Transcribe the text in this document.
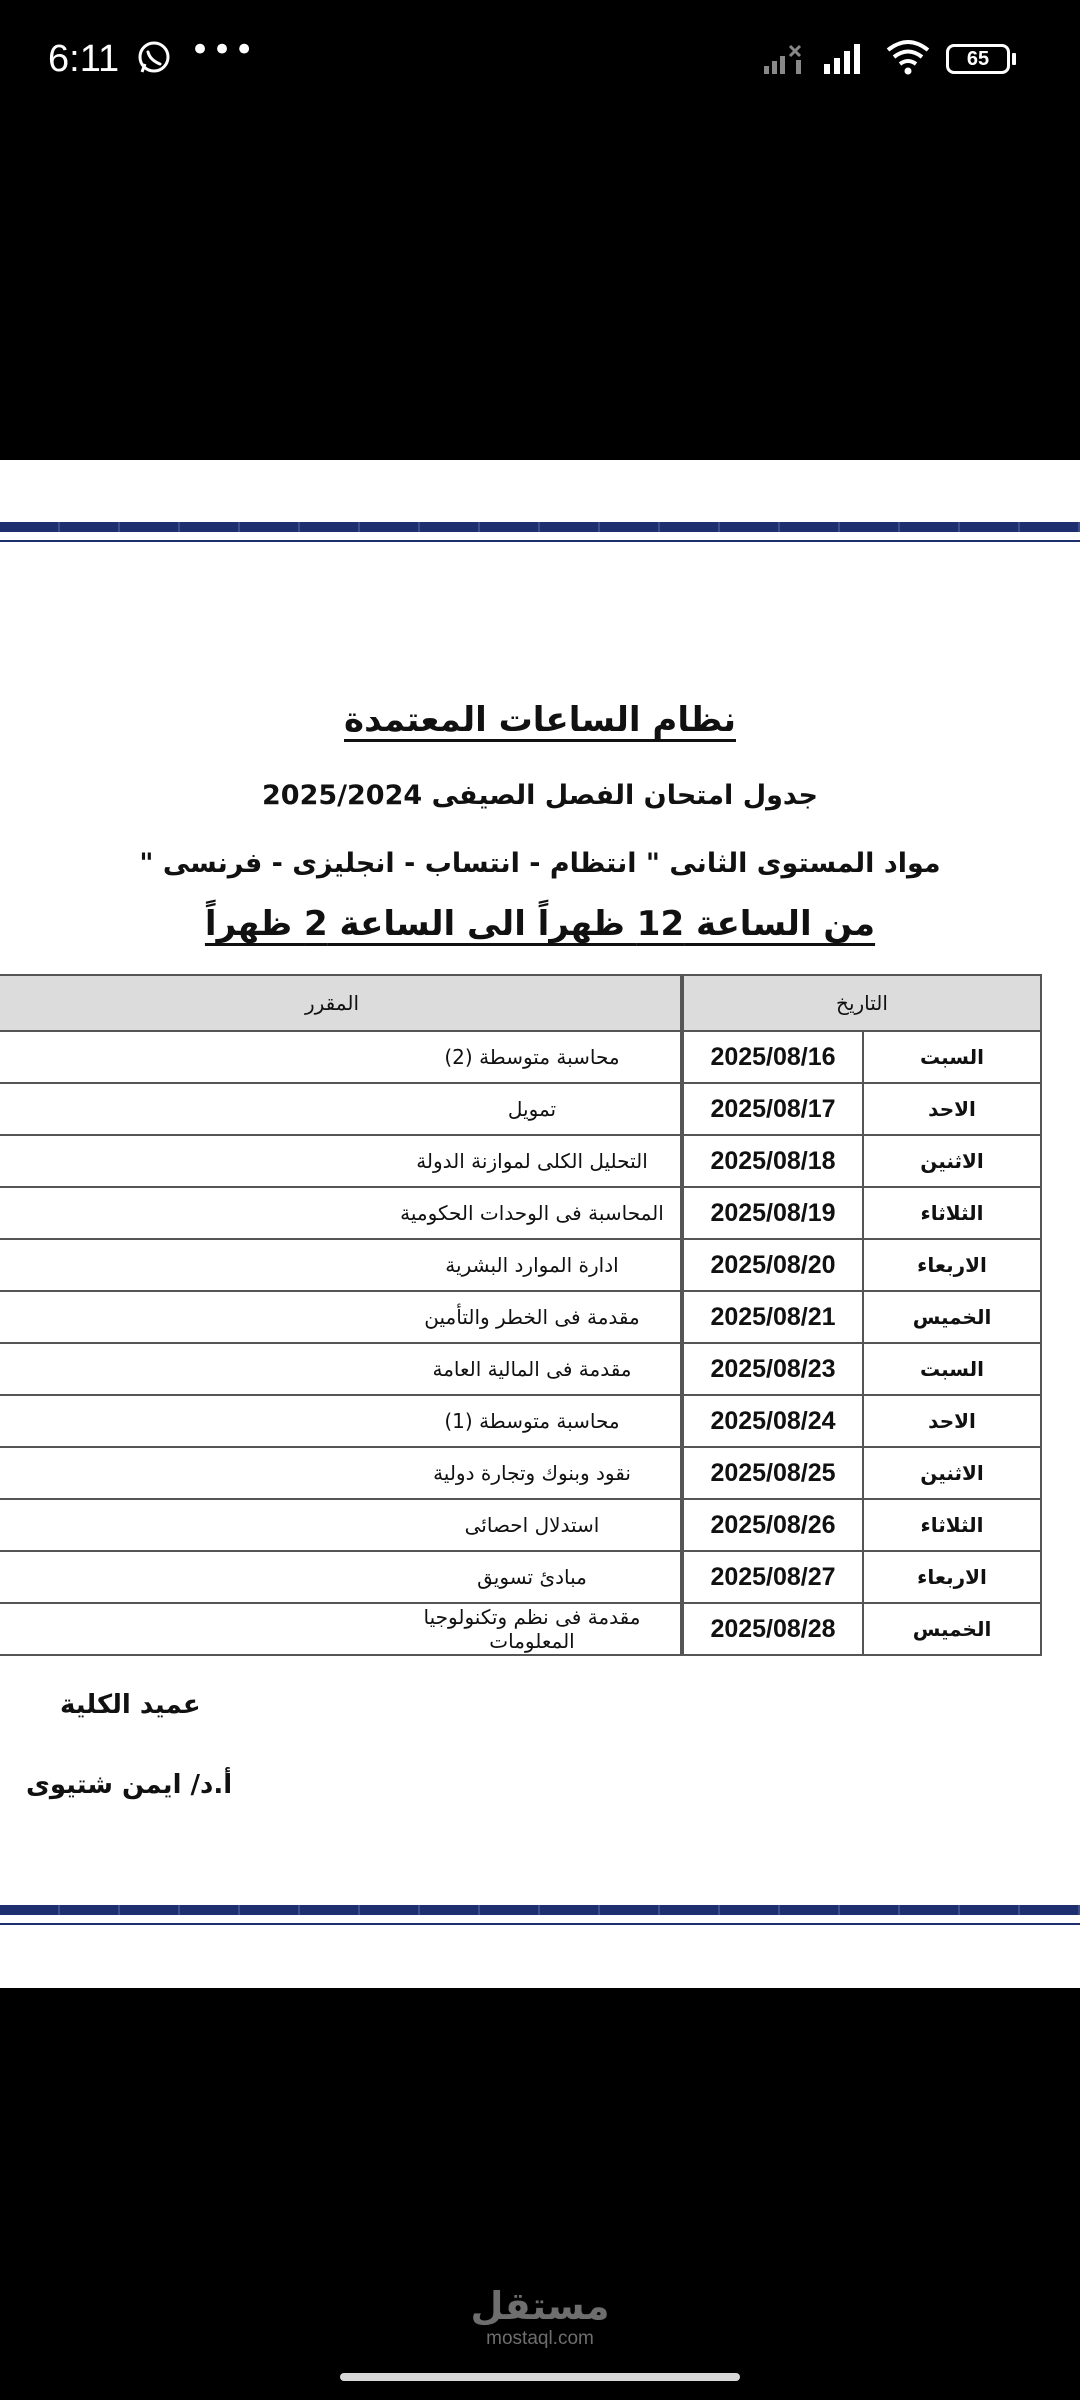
6:11 •••	65
نظام الساعات المعتمدة
جدول امتحان الفصل الصيفى 2025/2024
مواد المستوى الثانى " انتظام - انتساب - انجليزى - فرنسى "
من الساعة 12 ظهراً الى الساعة 2 ظهراً
التاريخ		المقرر
السبت	2025/08/16	محاسبة متوسطة (2)
الاحد	2025/08/17	تمويل
الاثنين	2025/08/18	التحليل الكلى لموازنة الدولة
الثلاثاء	2025/08/19	المحاسبة فى الوحدات الحكومية
الاربعاء	2025/08/20	ادارة الموارد البشرية
الخميس	2025/08/21	مقدمة فى الخطر والتأمين
السبت	2025/08/23	مقدمة فى المالية العامة
الاحد	2025/08/24	محاسبة متوسطة (1)
الاثنين	2025/08/25	نقود وبنوك وتجارة دولية
الثلاثاء	2025/08/26	استدلال احصائى
الاربعاء	2025/08/27	مبادئ تسويق
الخميس	2025/08/28	مقدمة فى نظم وتكنولوجيا المعلومات
عميد الكلية
أ.د/ ايمن شتيوى
مستقل
mostaql.com
